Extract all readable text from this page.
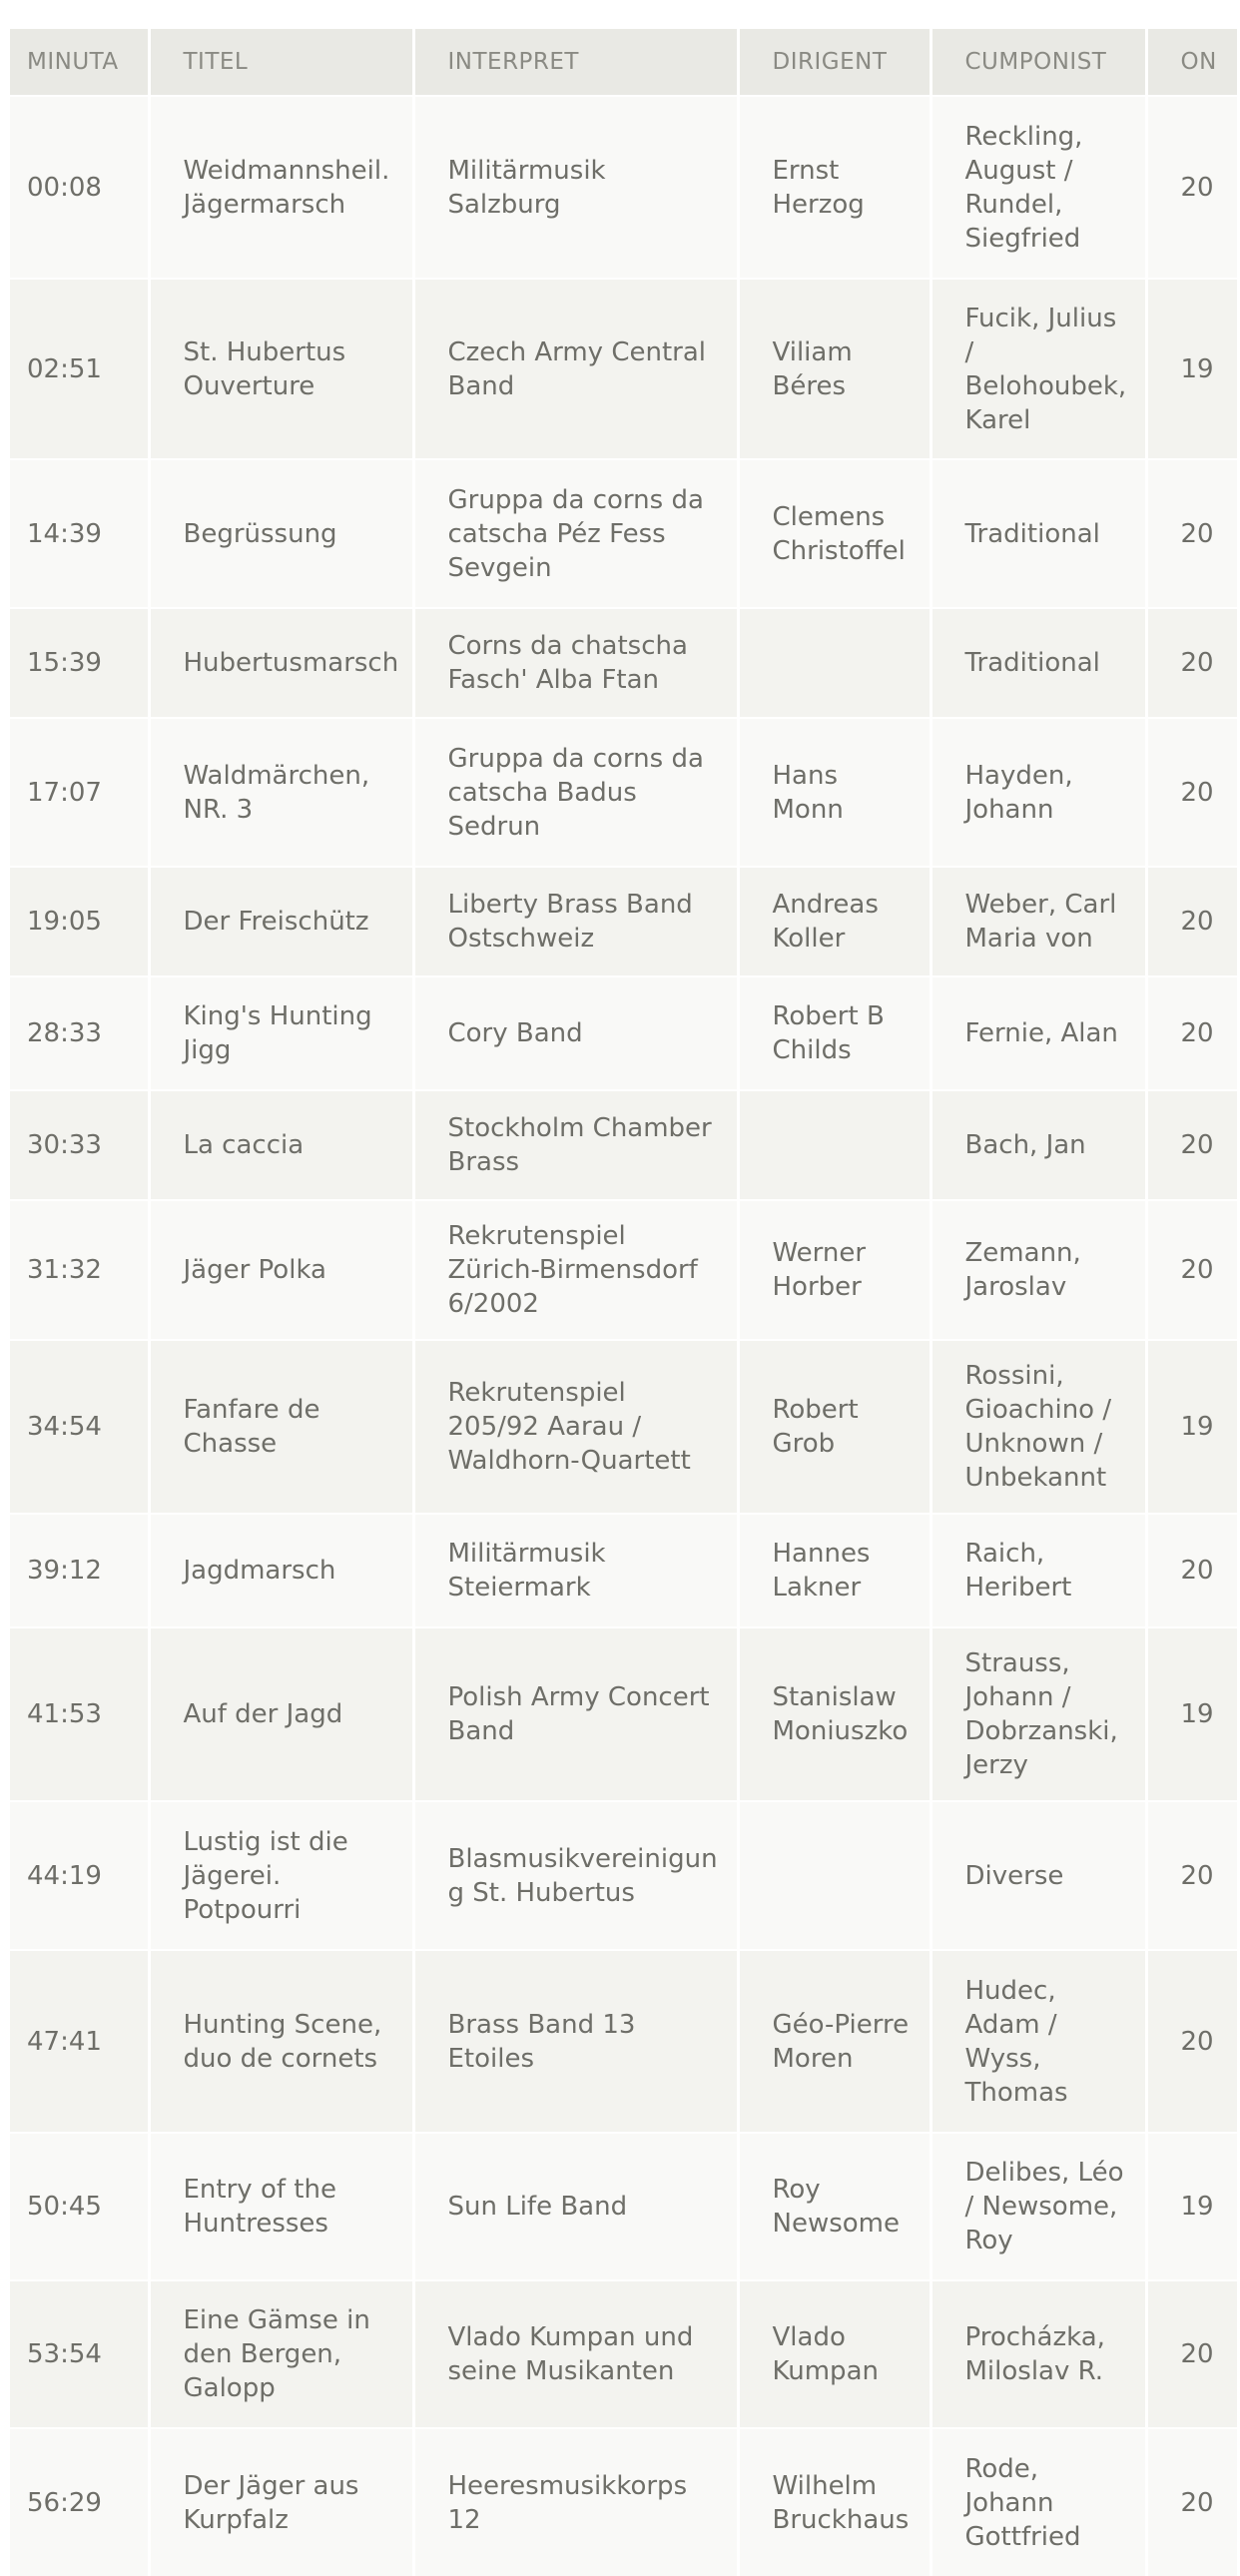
MINUTA	TITEL	INTERPRET	DIRIGENT	CUMPONIST	ON
00:08	Weidmannsheil. Jägermarsch	Militärmusik Salzburg	Ernst Herzog	Reckling, August / Rundel, Siegfried	20
02:51	St. Hubertus Ouverture	Czech Army Central Band	Viliam Béres	Fucik, Julius / Belohoubek, Karel	19
14:39	Begrüssung	Gruppa da corns da catscha Péz Fess Sevgein	Clemens Christoffel	Traditional	20
15:39	Hubertusmarsch	Corns da chatscha Fasch' Alba Ftan		Traditional	20
17:07	Waldmärchen, NR. 3	Gruppa da corns da catscha Badus Sedrun	Hans Monn	Hayden, Johann	20
19:05	Der Freischütz	Liberty Brass Band Ostschweiz	Andreas Koller	Weber, Carl Maria von	20
28:33	King's Hunting Jigg	Cory Band	Robert B Childs	Fernie, Alan	20
30:33	La caccia	Stockholm Chamber Brass		Bach, Jan	20
31:32	Jäger Polka	Rekrutenspiel Zürich-Birmensdorf 6/2002	Werner Horber	Zemann, Jaroslav	20
34:54	Fanfare de Chasse	Rekrutenspiel 205/92 Aarau / Waldhorn-Quartett	Robert Grob	Rossini, Gioachino / Unknown / Unbekannt	19
39:12	Jagdmarsch	Militärmusik Steiermark	Hannes Lakner	Raich, Heribert	20
41:53	Auf der Jagd	Polish Army Concert Band	Stanislaw Moniuszko	Strauss, Johann / Dobrzanski, Jerzy	19
44:19	Lustig ist die Jägerei. Potpourri	Blasmusikvereinigung St. Hubertus		Diverse	20
47:41	Hunting Scene, duo de cornets	Brass Band 13 Etoiles	Géo-Pierre Moren	Hudec, Adam / Wyss, Thomas	20
50:45	Entry of the Huntresses	Sun Life Band	Roy Newsome	Delibes, Léo / Newsome, Roy	19
53:54	Eine Gämse in den Bergen, Galopp	Vlado Kumpan und seine Musikanten	Vlado Kumpan	Procházka, Miloslav R.	20
56:29	Der Jäger aus Kurpfalz	Heeresmusikkorps 12	Wilhelm Bruckhaus	Rode, Johann Gottfried	20
